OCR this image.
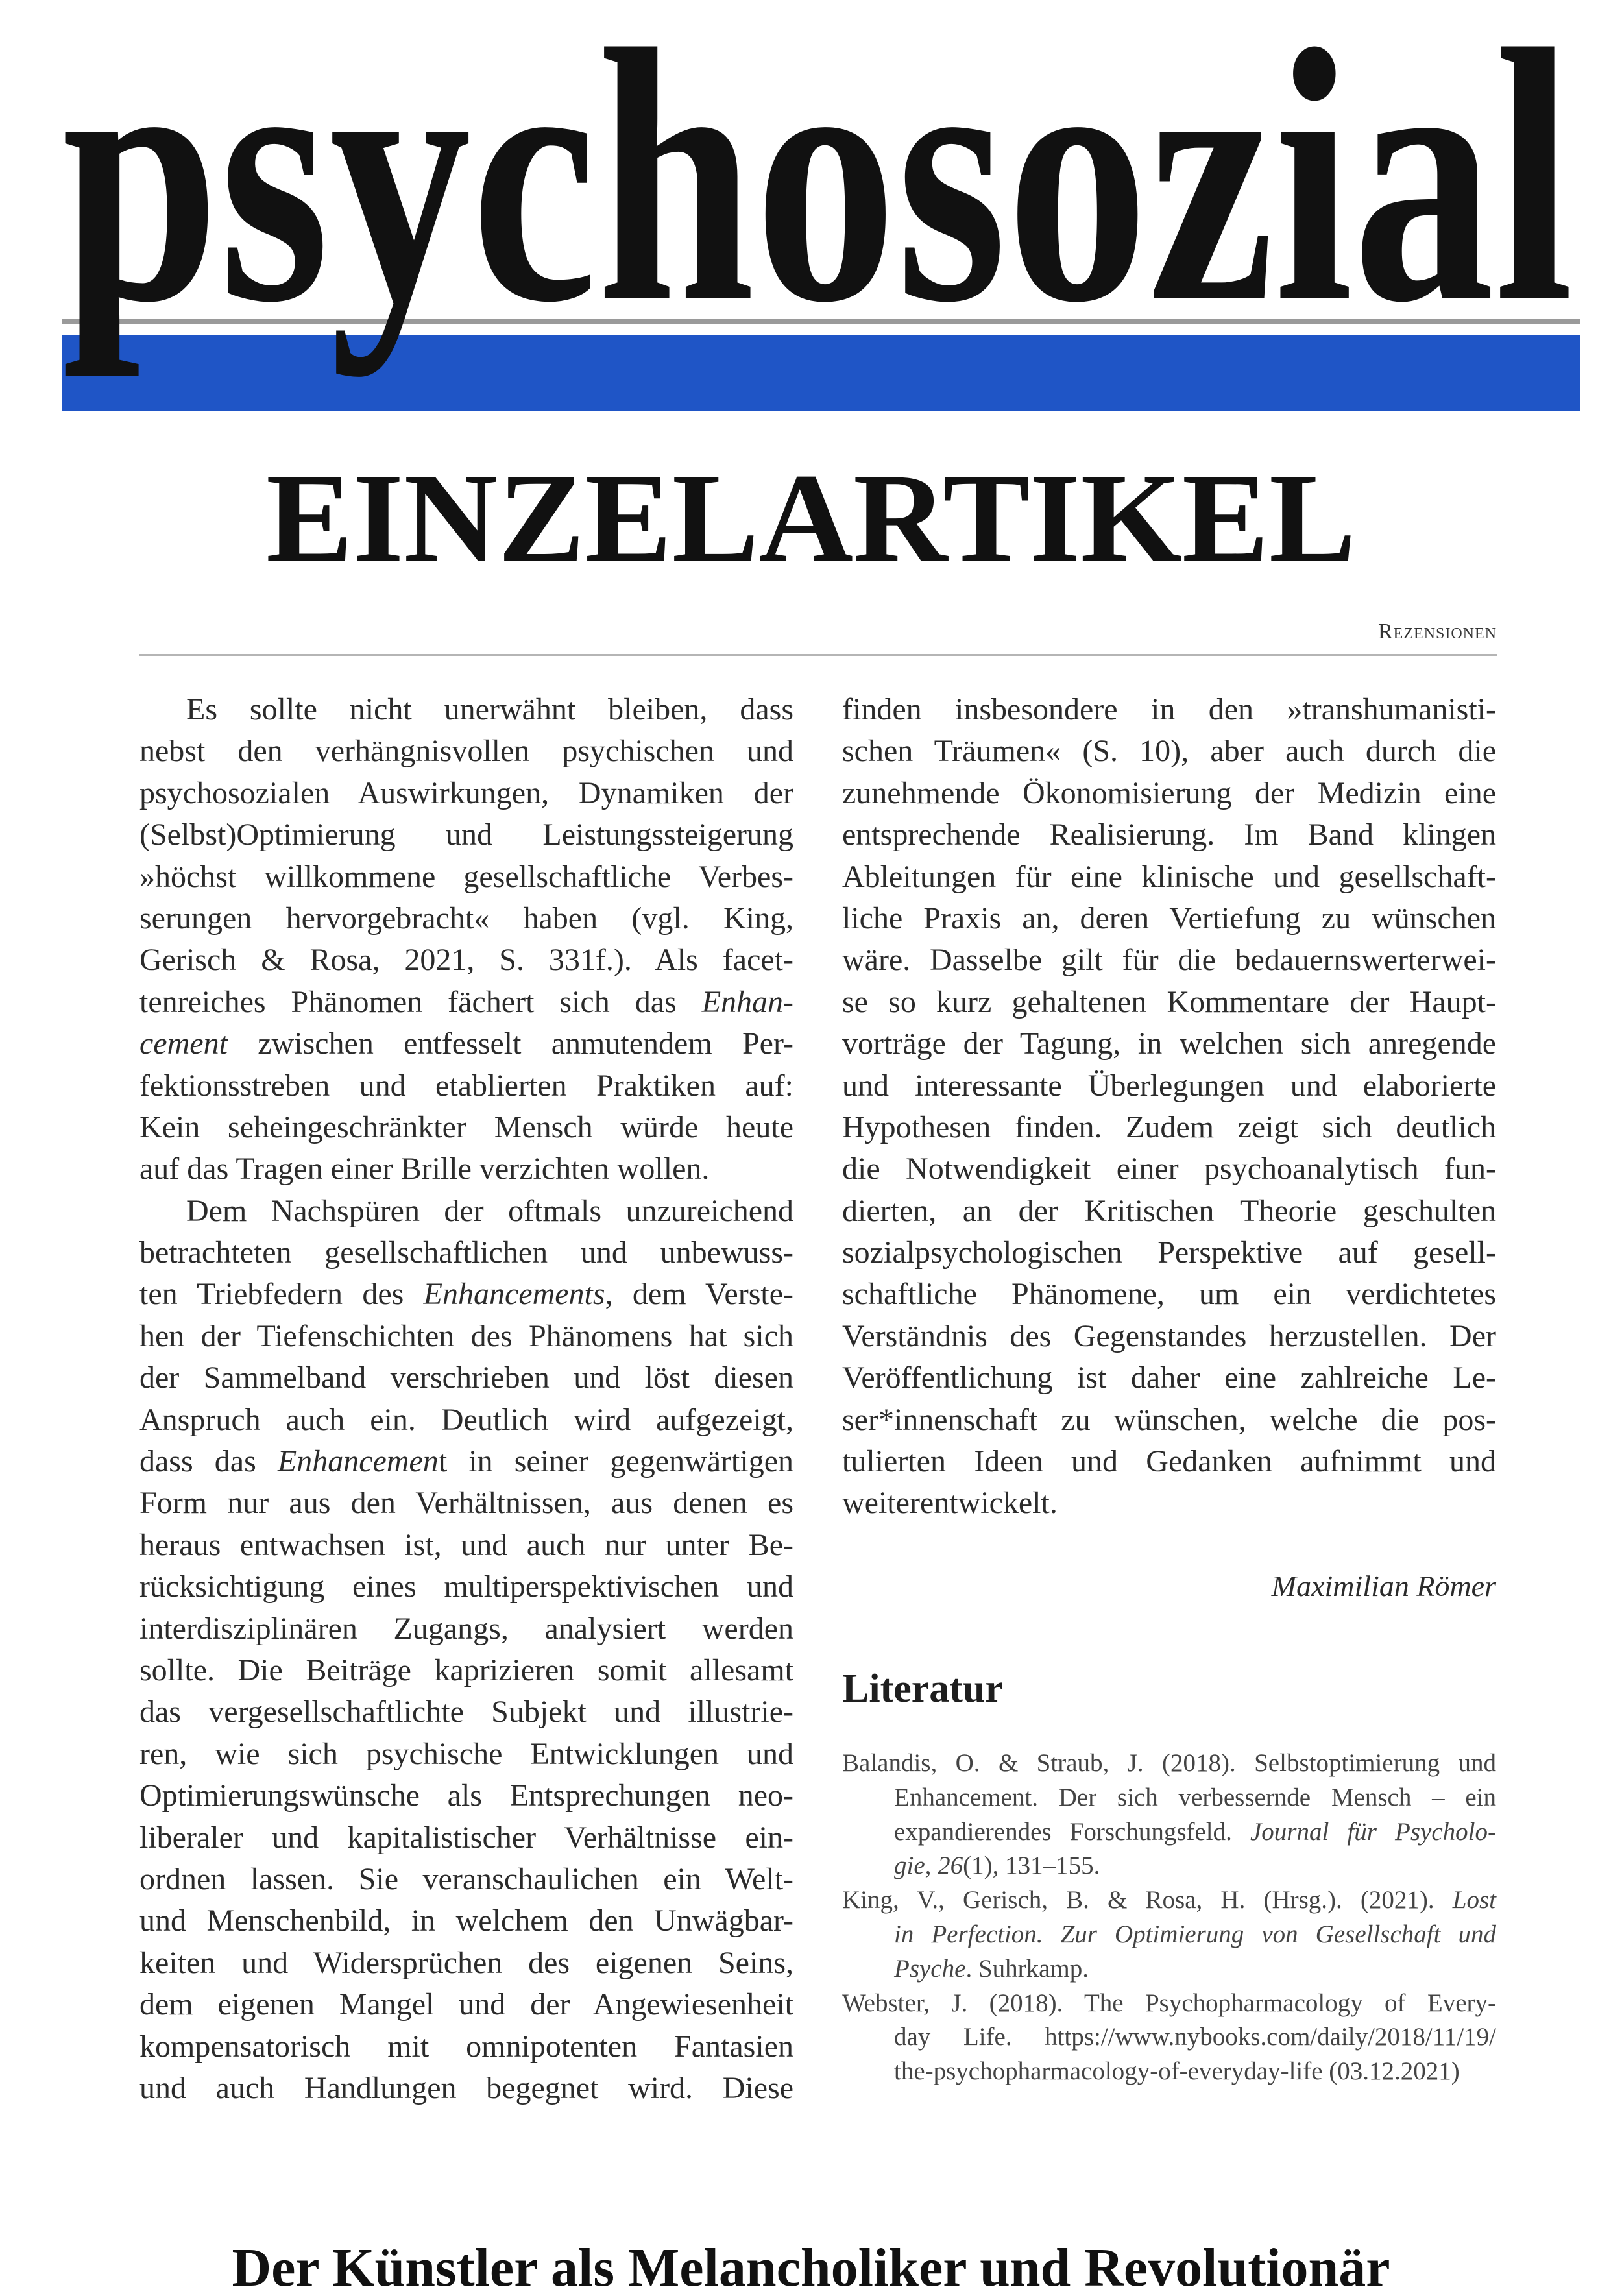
psychosozial
EINZELARTIKEL
Rezensionen
Es sollte nicht unerwähnt bleiben, dass
nebst den verhängnisvollen psychischen und
psychosozialen Auswirkungen, Dynamiken der
(Selbst)Optimierung und Leistungssteigerung
»höchst willkommene gesellschaftliche Verbes-
serungen hervorgebracht« haben (vgl. King,
Gerisch & Rosa, 2021, S. 331f.). Als facet-
tenreiches Phänomen fächert sich das Enhan-
cement zwischen entfesselt anmutendem Per-
fektionsstreben und etablierten Praktiken auf:
Kein seheingeschränkter Mensch würde heute
auf das Tragen einer Brille verzichten wollen.
Dem Nachspüren der oftmals unzureichend
betrachteten gesellschaftlichen und unbewuss-
ten Triebfedern des Enhancements, dem Verste-
hen der Tiefenschichten des Phänomens hat sich
der Sammelband verschrieben und löst diesen
Anspruch auch ein. Deutlich wird aufgezeigt,
dass das Enhancement in seiner gegenwärtigen
Form nur aus den Verhältnissen, aus denen es
heraus entwachsen ist, und auch nur unter Be-
rücksichtigung eines multiperspektivischen und
interdisziplinären Zugangs, analysiert werden
sollte. Die Beiträge kaprizieren somit allesamt
das vergesellschaftlichte Subjekt und illustrie-
ren, wie sich psychische Entwicklungen und
Optimierungswünsche als Entsprechungen neo-
liberaler und kapitalistischer Verhältnisse ein-
ordnen lassen. Sie veranschaulichen ein Welt-
und Menschenbild, in welchem den Unwägbar-
keiten und Widersprüchen des eigenen Seins,
dem eigenen Mangel und der Angewiesenheit
kompensatorisch mit omnipotenten Fantasien
und auch Handlungen begegnet wird. Diese
finden insbesondere in den »transhumanisti-
schen Träumen« (S. 10), aber auch durch die
zunehmende Ökonomisierung der Medizin eine
entsprechende Realisierung. Im Band klingen
Ableitungen für eine klinische und gesellschaft-
liche Praxis an, deren Vertiefung zu wünschen
wäre. Dasselbe gilt für die bedauernswerterwei-
se so kurz gehaltenen Kommentare der Haupt-
vorträge der Tagung, in welchen sich anregende
und interessante Überlegungen und elaborierte
Hypothesen finden. Zudem zeigt sich deutlich
die Notwendigkeit einer psychoanalytisch fun-
dierten, an der Kritischen Theorie geschulten
sozialpsychologischen Perspektive auf gesell-
schaftliche Phänomene, um ein verdichtetes
Verständnis des Gegenstandes herzustellen. Der
Veröffentlichung ist daher eine zahlreiche Le-
ser*innenschaft zu wünschen, welche die pos-
tulierten Ideen und Gedanken aufnimmt und
weiterentwickelt.
Maximilian Römer
Literatur
Balandis, O. & Straub, J. (2018). Selbstoptimierung und
Enhancement. Der sich verbessernde Mensch – ein
expandierendes Forschungsfeld. Journal für Psycholo-
gie, 26(1), 131–155.
King, V., Gerisch, B. & Rosa, H. (Hrsg.). (2021). Lost
in Perfection. Zur Optimierung von Gesellschaft und
Psyche. Suhrkamp.
Webster, J. (2018). The Psychopharmacology of Every-
day Life. https://www.nybooks.com/daily/2018/11/19/
the-psychopharmacology-of-everyday-life (03.12.2021)
Der Künstler als Melancholiker und Revolutionär
